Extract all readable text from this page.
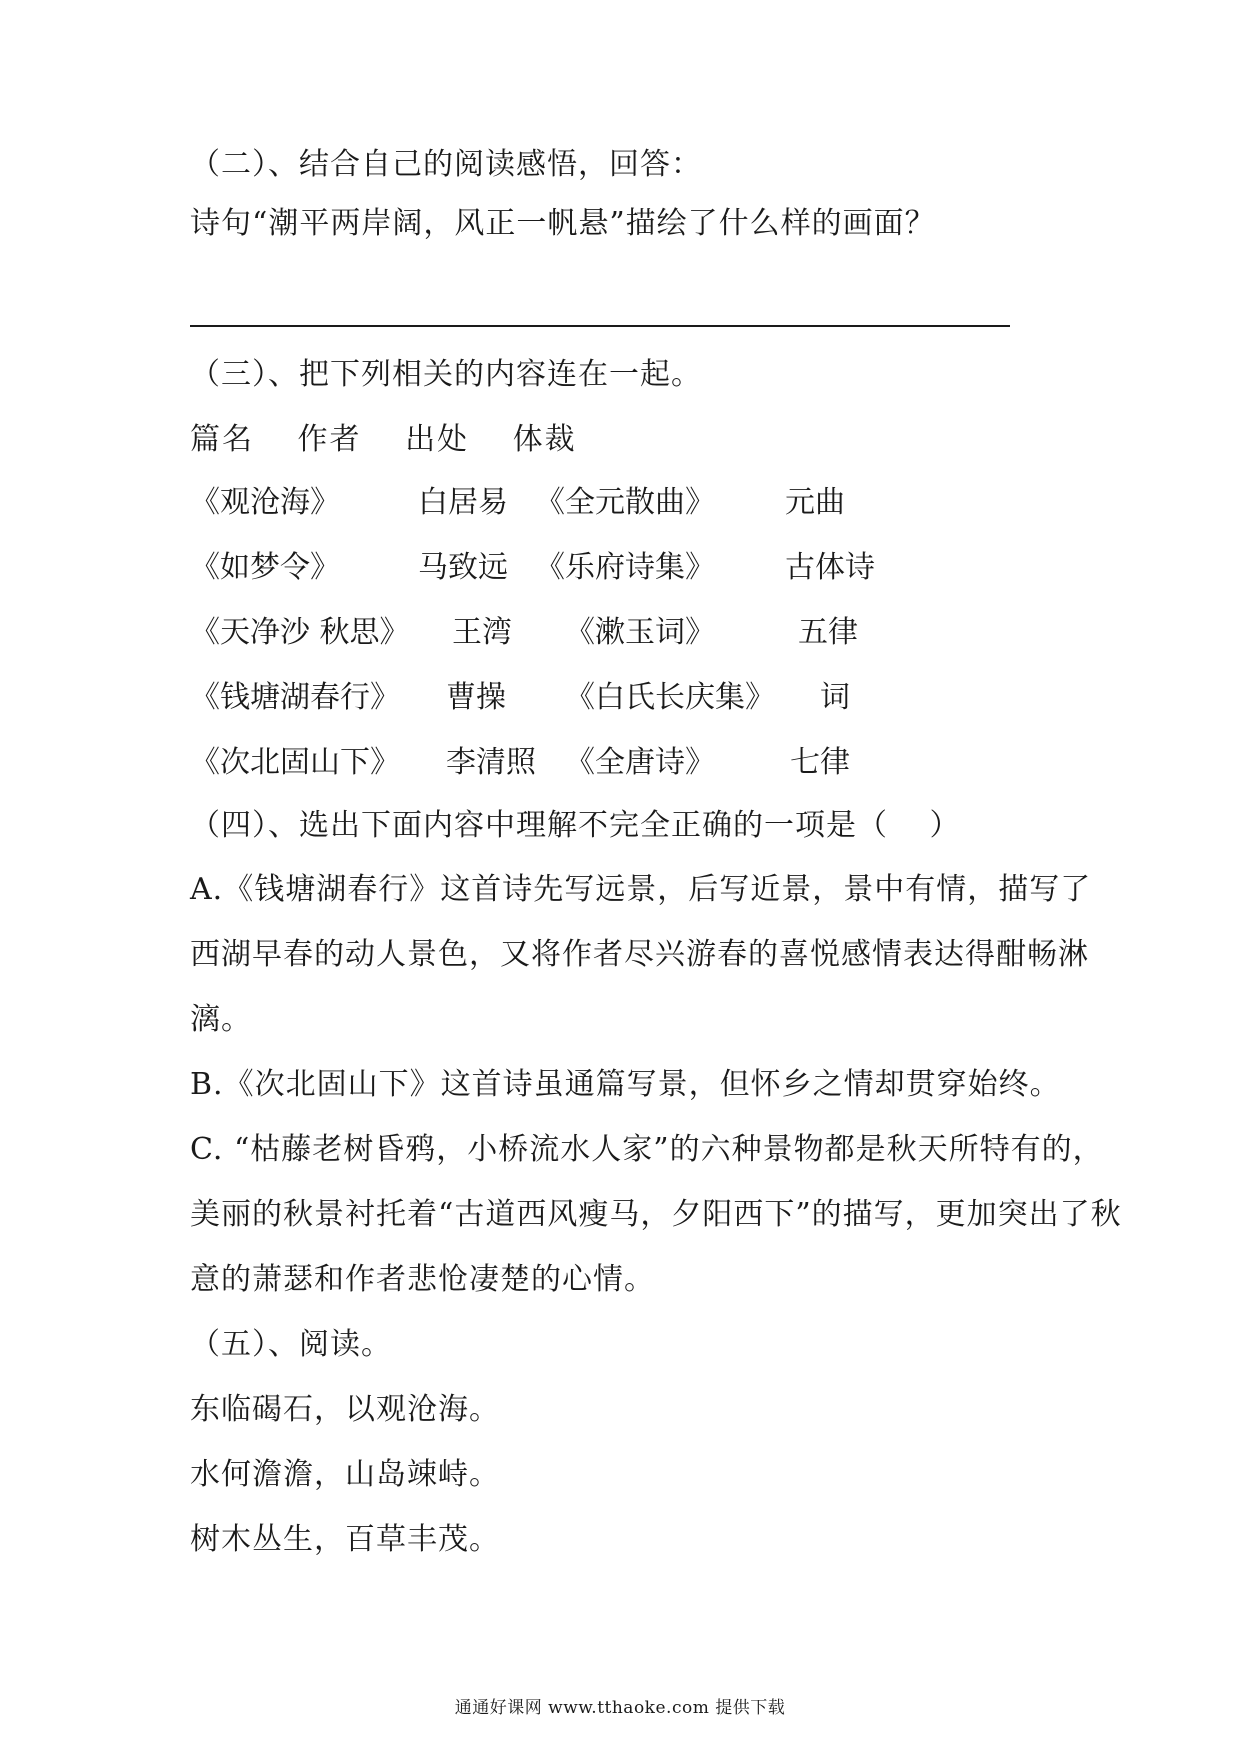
（二）、结合自己的阅读感悟，回答：
诗句“潮平两岸阔，风正一帆悬”描绘了什么样的画面？
（三）、把下列相关的内容连在一起。
篇名　 作者　 出处　 体裁
《观沧海》	白居易 《全元散曲》 元曲
《如梦令》	马致远 《乐府诗集》 古体诗
《天净沙 秋思》 王湾 《漱玉词》	五律
《钱塘湖春行》 曹操 《白氏长庆集》 词
《次北固山下》 李清照 《全唐诗》	七律
（四）、选出下面内容中理解不完全正确的一项是（　 ）
A.《钱塘湖春行》这首诗先写远景，后写近景，景中有情，描写了
西湖早春的动人景色，又将作者尽兴游春的喜悦感情表达得酣畅淋
漓。
B.《次北固山下》这首诗虽通篇写景，但怀乡之情却贯穿始终。
C. “枯藤老树昏鸦，小桥流水人家”的六种景物都是秋天所特有的，
美丽的秋景衬托着“古道西风瘦马，夕阳西下”的描写，更加突出了秋
意的萧瑟和作者悲怆凄楚的心情。
（五）、阅读。
东临碣石，以观沧海。
水何澹澹，山岛竦峙。
树木丛生，百草丰茂。
通通好课网 www.tthaoke.com 提供下载
